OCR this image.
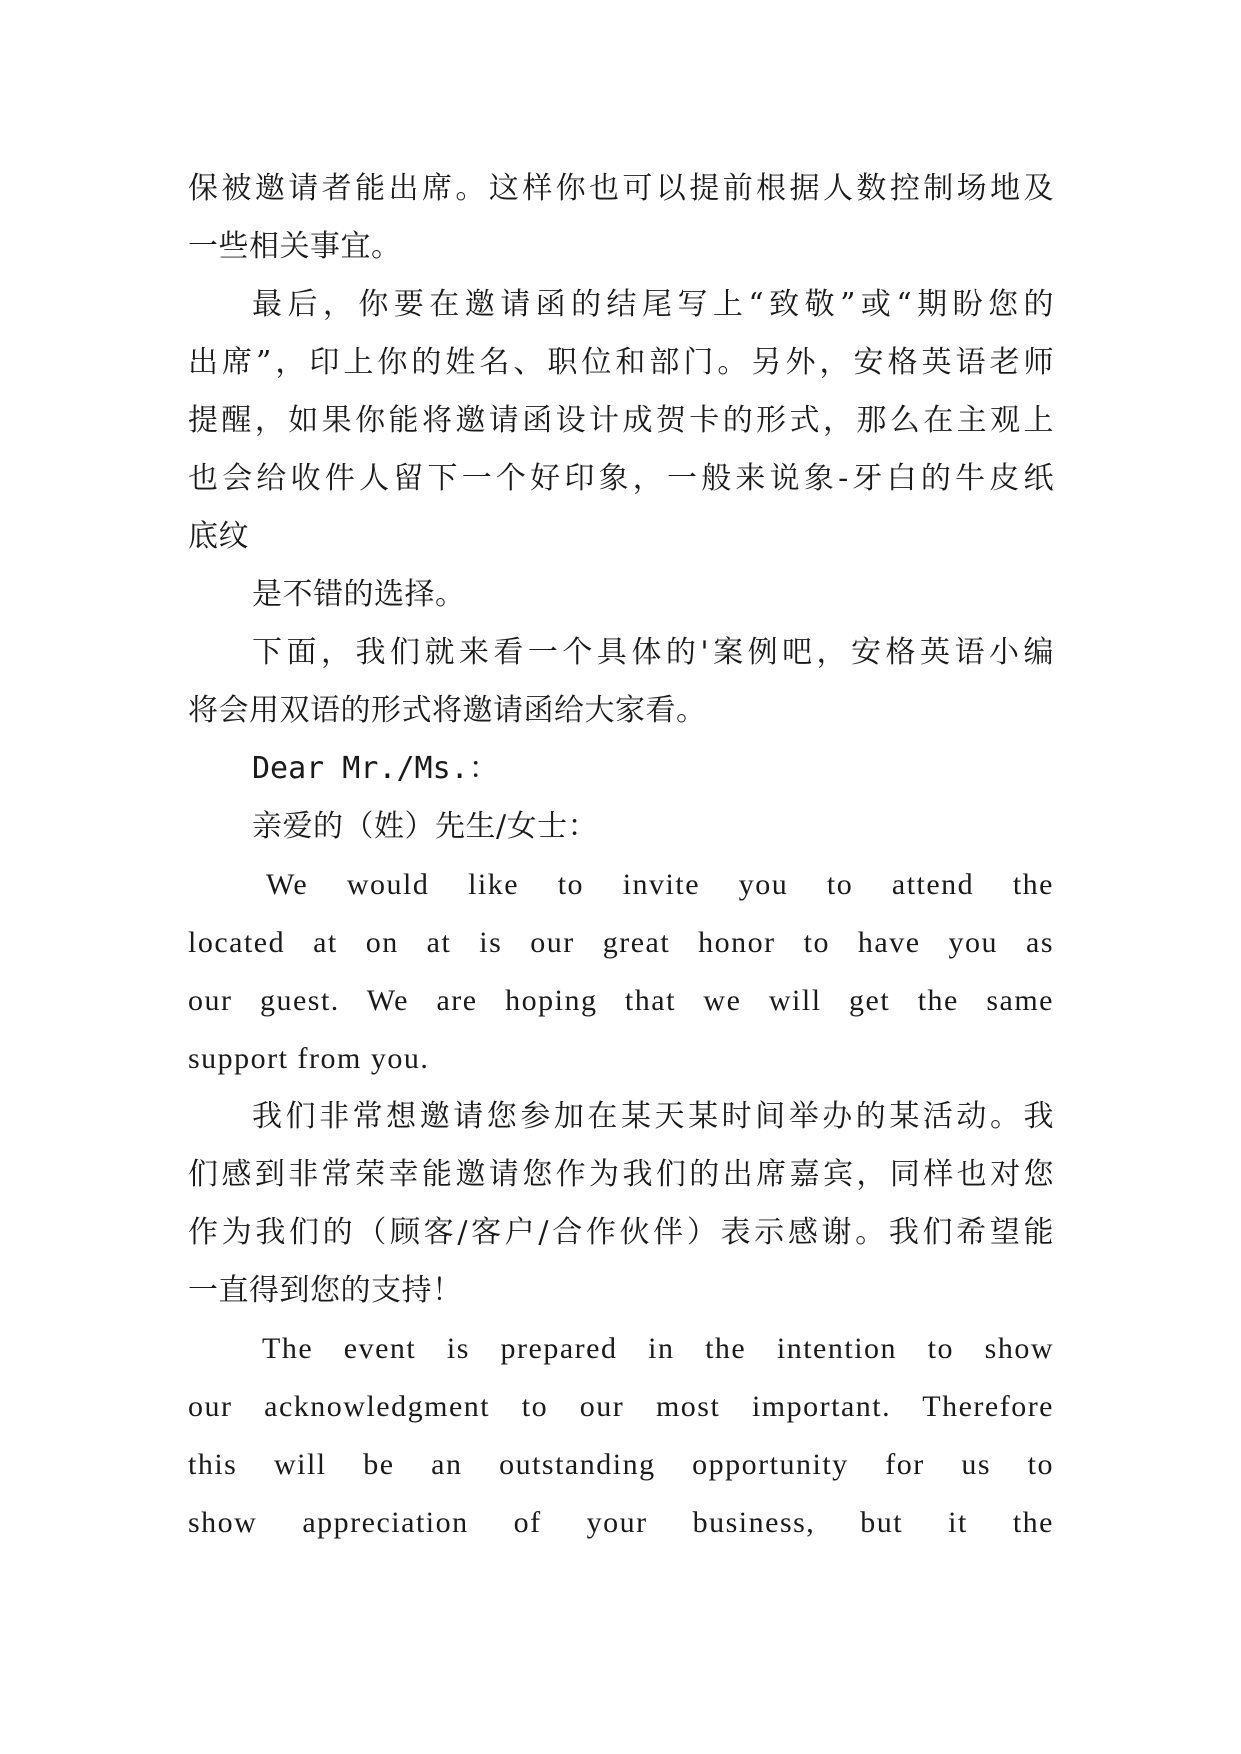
保被邀请者能出席。这样你也可以提前根据人数控制场地及
一些相关事宜。
最后，你要在邀请函的结尾写上“致敬”或“期盼您的
出席”，印上你的姓名、职位和部门。另外，安格英语老师
提醒，如果你能将邀请函设计成贺卡的形式，那么在主观上
也会给收件人留下一个好印象，一般来说象-牙白的牛皮纸
底纹
是不错的选择。
下面，我们就来看一个具体的'案例吧，安格英语小编
将会用双语的形式将邀请函给大家看。
Dear Mr./Ms.：
亲爱的（姓）先生/女士：
We would like to invite you to attend the
located at on at is our great honor to have you as
our guest. We are hoping that we will get the same
support from you.
我们非常想邀请您参加在某天某时间举办的某活动。我
们感到非常荣幸能邀请您作为我们的出席嘉宾，同样也对您
作为我们的（顾客/客户/合作伙伴）表示感谢。我们希望能
一直得到您的支持！
The event is prepared in the intention to show
our acknowledgment to our most important. Therefore
this will be an outstanding opportunity for us to
show appreciation of your business, but it the
